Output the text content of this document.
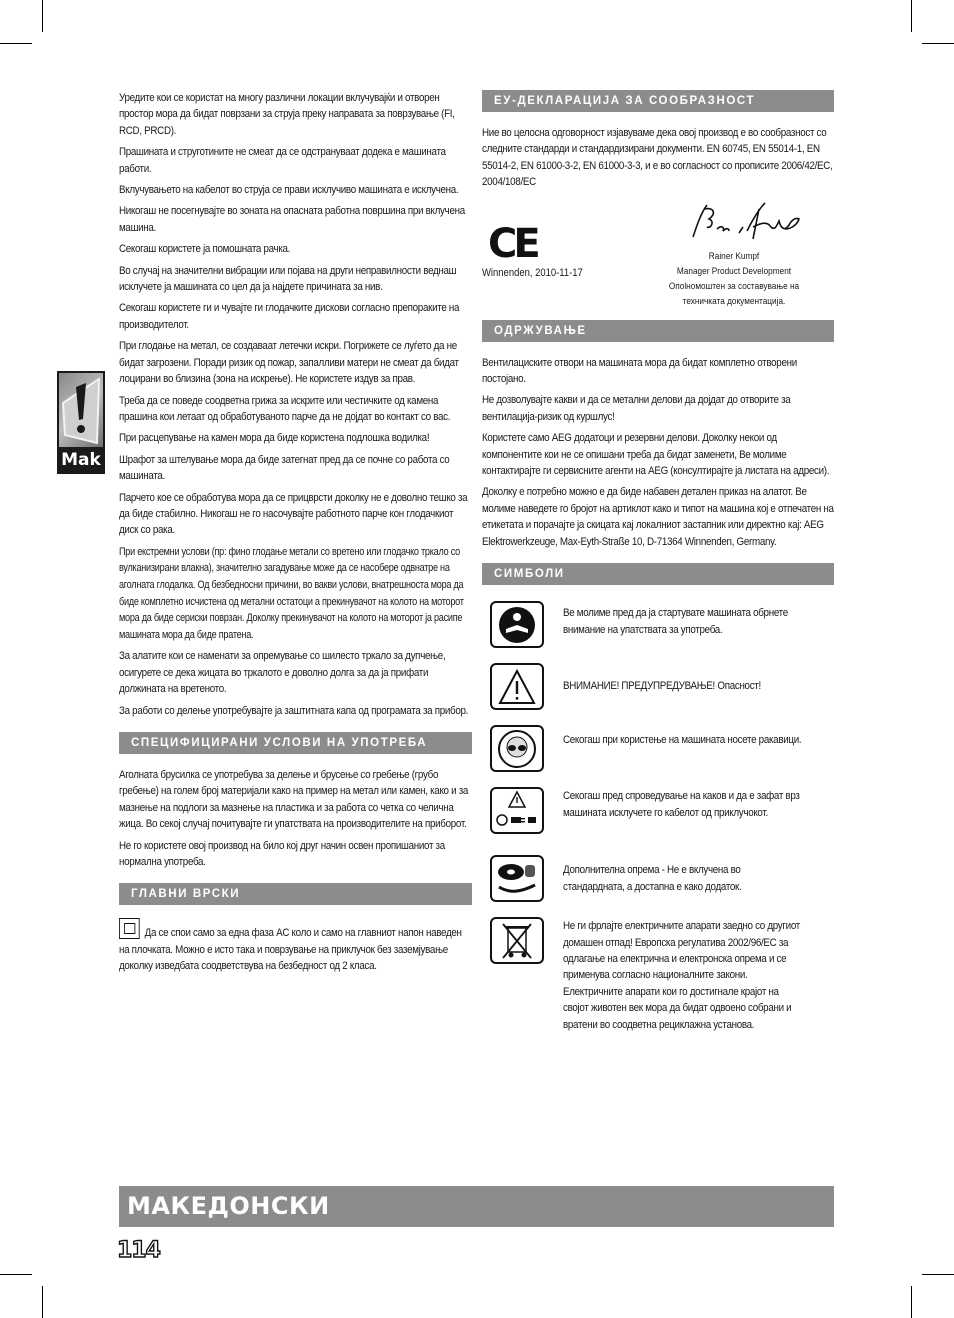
Mak

Уредите кои се користат на многу различни локации вклучувајќи и отворен простор мора да бидат поврзани за струја преку направата за поврзување (FI, RCD, PRCD).

Прашината и струготините не смеат да се одстрануваат додека е машината работи.

Вклучувањето на кабелот во струја се прави исклучиво машината е исклучена.

Никогаш не посегнувајте во зоната на опасната работна површина при вклучена машина.

Секогаш користете ја помошната рачка.

Во случај на значителни вибрации или појава на други неправилности веднаш исклучете ја машината со цел да ја најдете причината за нив.

Секогаш користете ги и чувајте ги глодачките дискови согласно препораките на производителот.

При глодање на метал, се создаваат летечки искри. Погрижете се луѓето да не бидат загрозени. Поради ризик од пожар, запалливи матери не смеат да бидат лоцирани во близина (зона на искрење). Не користете издув за прав.

Треба да се поведе соодветна грижа за искрите или честичките од камена прашина кои летаат од обработуваното парче да не дојдат во контакт со вас.

При расцепување на камен мора да биде користена подлошка водилка!

Шрафот за штелување мора да биде затегнат пред да се почне со работа со машината.

Парчето кое се обработува мора да се прицврсти доколку не е доволно тешко за да биде стабилно. Никогаш не го насочувајте работното парче кон глодачкиот диск со рака.

При екстремни услови (пр: фино глодање метали со вретено или глодачко тркало со вулканизирани влакна), значително загадување може да се насобере одвнатре на аголната глодалка. Од безбедносни причини, во вакви услови, внатрешноста мора да биде комплетно исчистена од метални остатоци а прекинувачот на колото на моторот мора да биде сериски поврзан. Доколку прекинувачот на колото на моторот ја расипе машината мора да биде пратена.

За алатите кои се наменати за опремување со шилесто тркало за дупчење, осигурете се дека жицата во тркалото е доволно долга за да ја прифати должината на вретеното.

За работи со делење употребувајте ја заштитната капа од програмата за прибор.

СПЕЦИФИЦИРАНИ УСЛОВИ НА УПОТРЕБА

Аголната брусилка се употребува за делење и брусење со гребење (грубо гребење) на голем број материјали како на пример на метал или камен, како и за мазнење на подлоги за мазнење на пластика и за работа со четка со челична жица. Во секој случај почитувајте ги упатствата на производителите на приборот.

Не го користете овој производ на било кој друг начин освен пропишаниот за нормална употреба.

ГЛАВНИ ВРСКИ

Да се спои само за една фаза AC коло и само на главниот напон наведен на плочката. Можно е исто така и поврзување на приклучок без заземјување доколку изведбата соодветствува на безбедност од 2 класа.

ЕУ-ДЕКЛАРАЦИЈА ЗА СООБРАЗНОСТ

Ние во целосна одговорност изјавуваме дека овој производ е во сообразност со следните стандарди и стандардизирани документи. EN 60745, EN 55014-1, EN 55014-2, EN 61000-3-2, EN 61000-3-3, и е во согласност со прописите 2006/42/EC, 2004/108/EC

CE
Winnenden, 2010-11-17
Rainer Kumpf
Manager Product Development
Опolномоштен за составување на техничката документација.
ОДРЖУВАЊЕ

Вентилациските отвори на машината мора да бидат комплетно отворени постојано.

Не дозволувајте какви и да се метални делови да дојдат до отворите за вентилација-ризик од куршлус!

Користете само AEG додатоци и резервни делови. Доколку некои од компонентите кои не се опишани треба да бидат заменети, Ве молиме контактирајте ги сервисните агенти на AEG (консултирајте ја листата на адреси).

Доколку е потребно можно е да биде набавен детален приказ на алатот. Ве молиме наведете го бројот на артиклот како и типот на машина кој е отпечатен на етикетата и порачајте ја скицата кај локалниот застапник или директно кај: AEG Elektrowerkzeuge, Max-Eyth-Straße 10, D-71364 Winnenden, Germany.

СИМБОЛИ
Ве молиме пред да ја стартувате машината обрнете внимание на упатствата за употреба.
ВНИМАНИЕ! ПРЕДУПРЕДУВАЊЕ! Опасност!
Секогаш при користење на машината носете ракавици.
Секогаш пред спроведување на каков и да е зафат врз машината исклучете го кабелот од приклучокот.
Дополнителна опрема - Не е вклучена во стандардната, а достапна е како додаток.
Не ги фрлајте електричните апарати заедно со другиот домашен отпад! Европска регулатива 2002/96/EC за одлагање на електрична и електронска опрема и се применува согласно националните закони. Електричните апарати кои го достигнале крајот на својот животен век мора да бидат одвоено собрани и вратени во соодветна рециклажна установа.
МАКЕДОНСКИ
114
